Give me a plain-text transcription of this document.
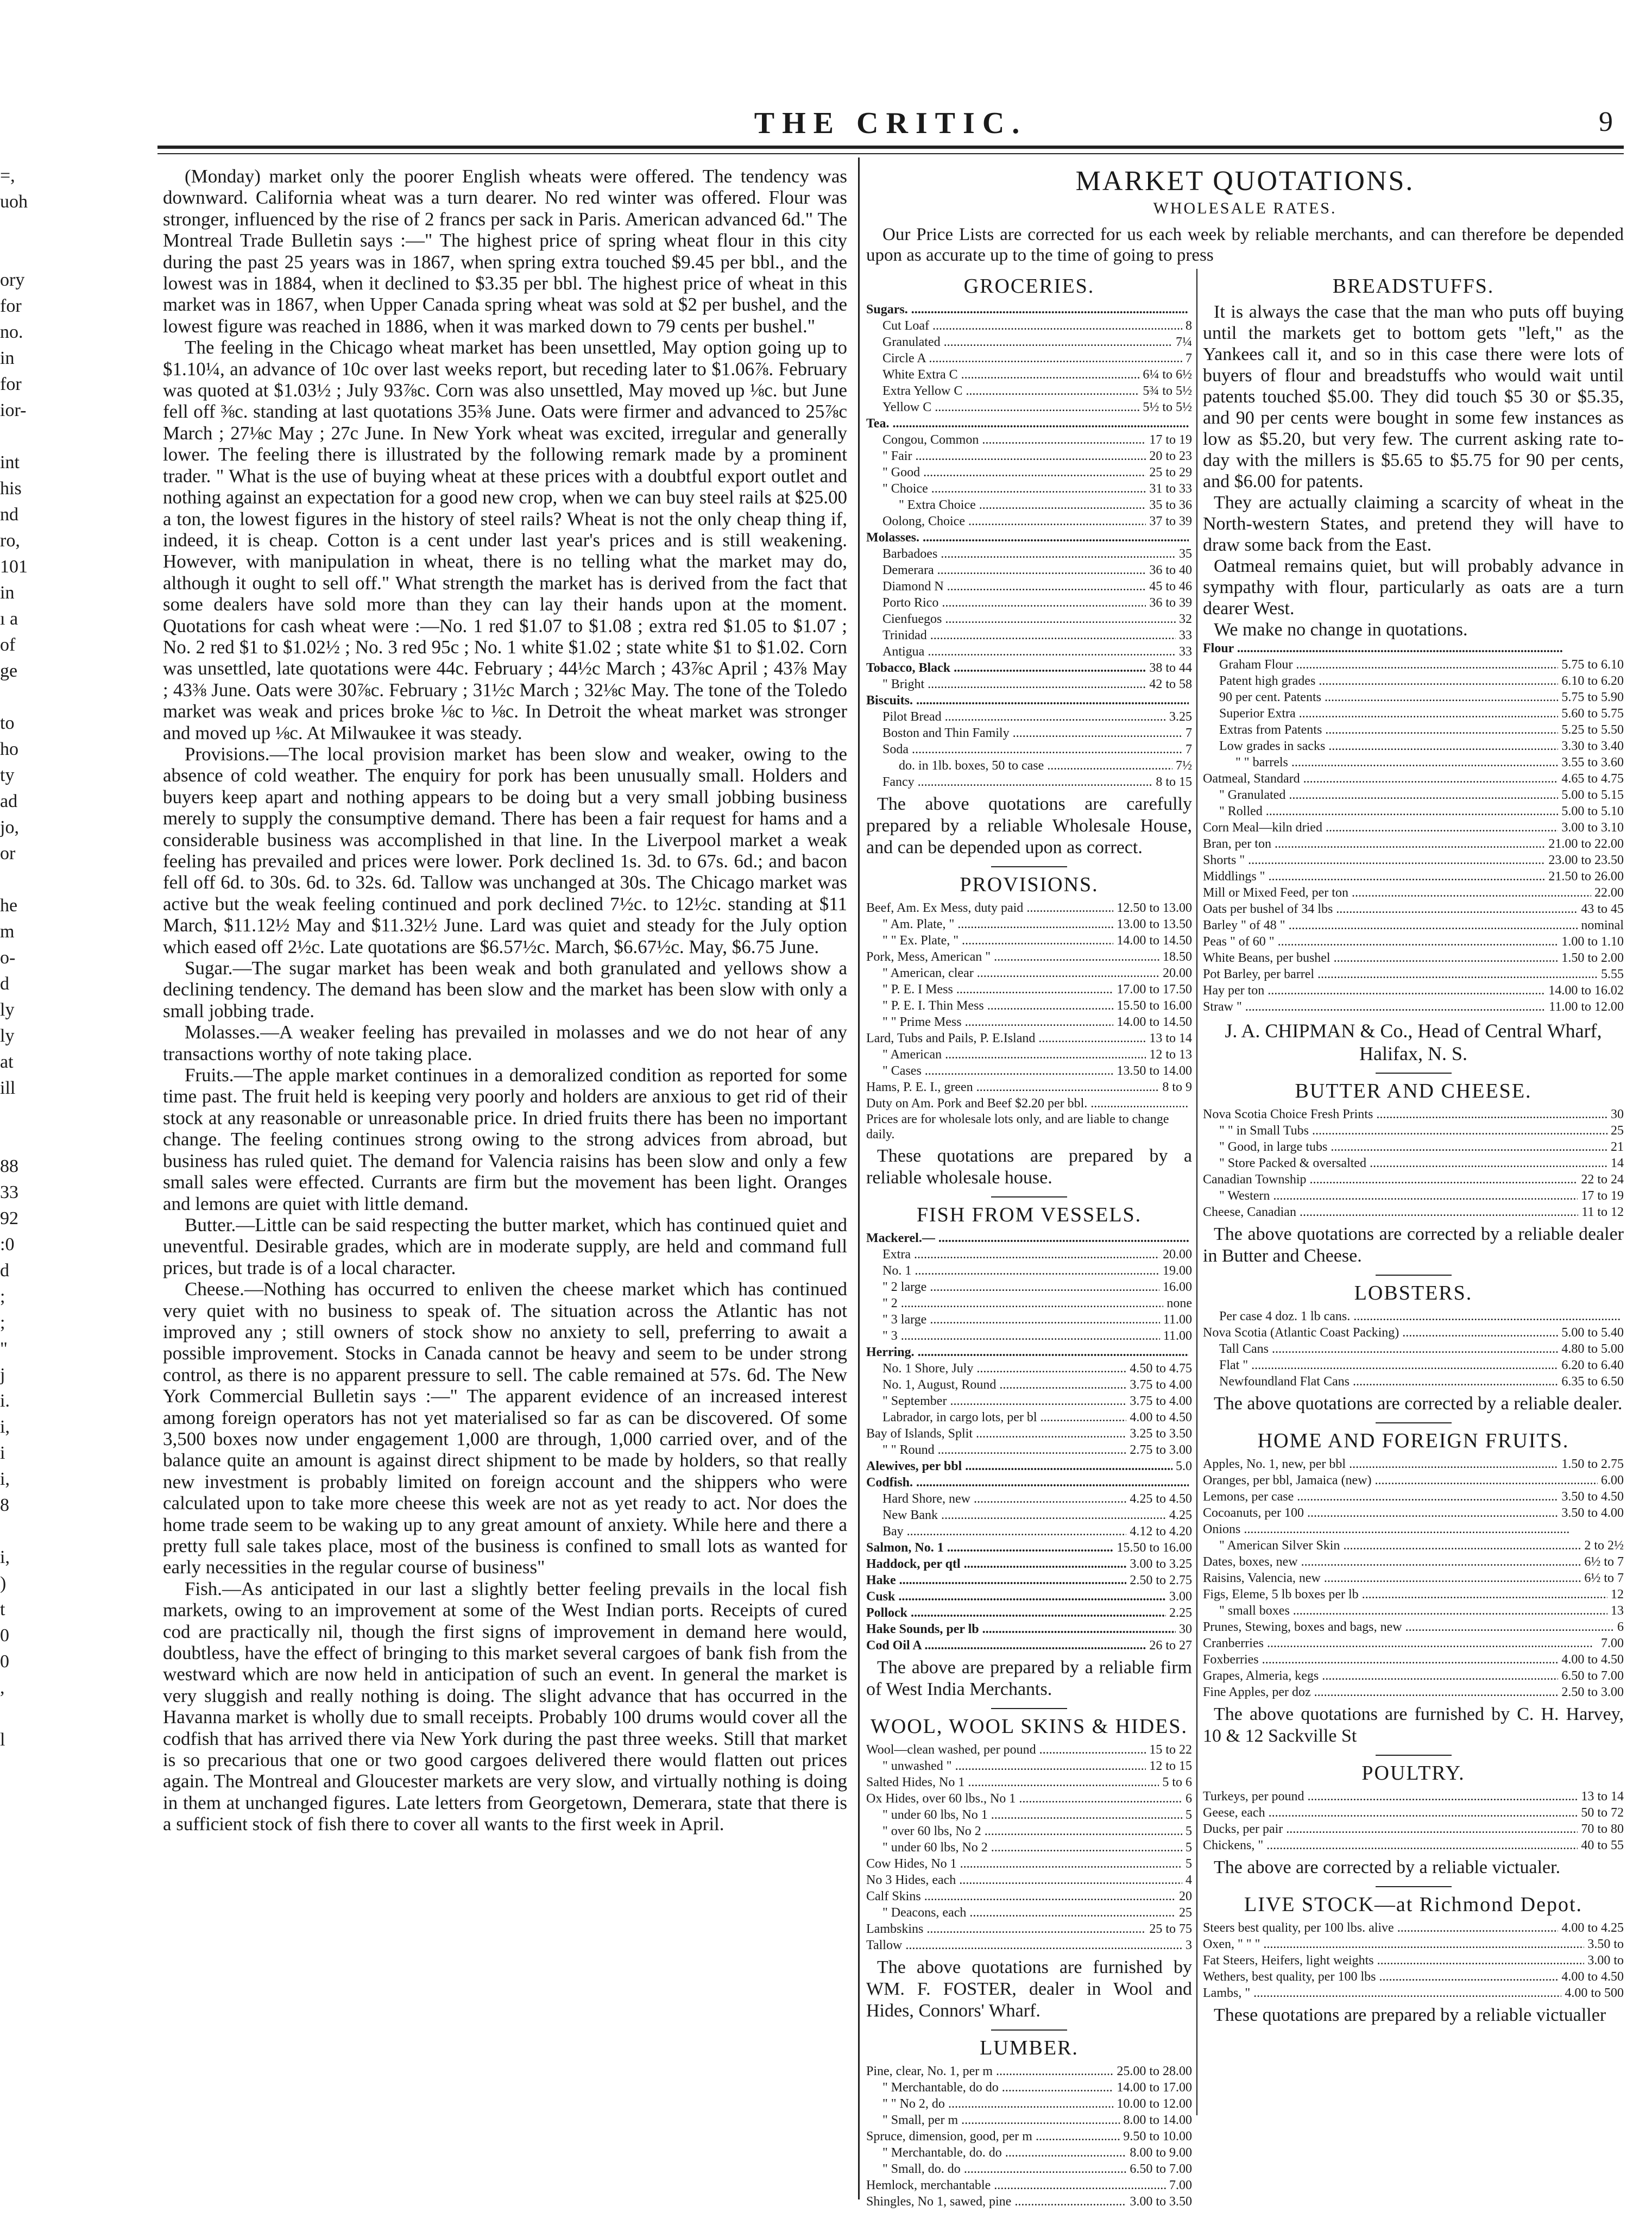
THE CRITIC.	9
=,
uoh
ory
for
no.
in
for
ior-
int
his
nd
ro,
101
in
ı a
of
ge
to
ho
ty
ad
jo,
or
he
m
o-
d
ly
ly
at
ill
88
33
92
:0
d
;
;
"
j
i.
i,
i
i,
8
i,
)
t
0
0
,
l

(Monday) market only the poorer English wheats were offered. The tendency was downward. California wheat was a turn dearer. No red winter was offered. Flour was stronger, influenced by the rise of 2 francs per sack in Paris. American advanced 6d." The Montreal Trade Bulletin says :—" The highest price of spring wheat flour in this city during the past 25 years was in 1867, when spring extra touched $9.45 per bbl., and the lowest was in 1884, when it declined to $3.35 per bbl. The highest price of wheat in this market was in 1867, when Upper Canada spring wheat was sold at $2 per bushel, and the lowest figure was reached in 1886, when it was marked down to 79 cents per bushel."

The feeling in the Chicago wheat market has been unsettled, May option going up to $1.10¼, an advance of 10c over last weeks report, but receding later to $1.06⅞. February was quoted at $1.03½ ; July 93⅞c. Corn was also unsettled, May moved up ⅛c. but June fell off ⅜c. standing at last quotations 35⅜ June. Oats were firmer and advanced to 25⅞c March ; 27⅛c May ; 27c June. In New York wheat was excited, irregular and generally lower. The feeling there is illustrated by the following remark made by a prominent trader. " What is the use of buying wheat at these prices with a doubtful export outlet and nothing against an expectation for a good new crop, when we can buy steel rails at $25.00 a ton, the lowest figures in the history of steel rails? Wheat is not the only cheap thing if, indeed, it is cheap. Cotton is a cent under last year's prices and is still weakening. However, with manipulation in wheat, there is no telling what the market may do, although it ought to sell off." What strength the market has is derived from the fact that some dealers have sold more than they can lay their hands upon at the moment. Quotations for cash wheat were :—No. 1 red $1.07 to $1.08 ; extra red $1.05 to $1.07 ; No. 2 red $1 to $1.02½ ; No. 3 red 95c ; No. 1 white $1.02 ; state white $1 to $1.02. Corn was unsettled, late quotations were 44c. February ; 44½c March ; 43⅞c April ; 43⅞ May ; 43⅜ June. Oats were 30⅞c. February ; 31½c March ; 32⅛c May. The tone of the Toledo market was weak and prices broke ⅛c to ⅛c. In Detroit the wheat market was stronger and moved up ⅛c. At Milwaukee it was steady.

Provisions.—The local provision market has been slow and weaker, owing to the absence of cold weather. The enquiry for pork has been unusually small. Holders and buyers keep apart and nothing appears to be doing but a very small jobbing business merely to supply the consumptive demand. There has been a fair request for hams and a considerable business was accomplished in that line. In the Liverpool market a weak feeling has prevailed and prices were lower. Pork declined 1s. 3d. to 67s. 6d.; and bacon fell off 6d. to 30s. 6d. to 32s. 6d. Tallow was unchanged at 30s. The Chicago market was active but the weak feeling continued and pork declined 7½c. to 12½c. standing at $11 March, $11.12½ May and $11.32½ June. Lard was quiet and steady for the July option which eased off 2½c. Late quotations are $6.57½c. March, $6.67½c. May, $6.75 June.

Sugar.—The sugar market has been weak and both granulated and yellows show a declining tendency. The demand has been slow and the market has been slow with only a small jobbing trade.

Molasses.—A weaker feeling has prevailed in molasses and we do not hear of any transactions worthy of note taking place.

Fruits.—The apple market continues in a demoralized condition as reported for some time past. The fruit held is keeping very poorly and holders are anxious to get rid of their stock at any reasonable or unreasonable price. In dried fruits there has been no important change. The feeling continues strong owing to the strong advices from abroad, but business has ruled quiet. The demand for Valencia raisins has been slow and only a few small sales were effected. Currants are firm but the movement has been light. Oranges and lemons are quiet with little demand.

Butter.—Little can be said respecting the butter market, which has continued quiet and uneventful. Desirable grades, which are in moderate supply, are held and command full prices, but trade is of a local character.

Cheese.—Nothing has occurred to enliven the cheese market which has continued very quiet with no business to speak of. The situation across the Atlantic has not improved any ; still owners of stock show no anxiety to sell, preferring to await a possible improvement. Stocks in Canada cannot be heavy and seem to be under strong control, as there is no apparent pressure to sell. The cable remained at 57s. 6d. The New York Commercial Bulletin says :—" The apparent evidence of an increased interest among foreign operators has not yet materialised so far as can be discovered. Of some 3,500 boxes now under engagement 1,000 are through, 1,000 carried over, and of the balance quite an amount is against direct shipment to be made by holders, so that really new investment is probably limited on foreign account and the shippers who were calculated upon to take more cheese this week are not as yet ready to act. Nor does the home trade seem to be waking up to any great amount of anxiety. While here and there a pretty full sale takes place, most of the business is confined to small lots as wanted for early necessities in the regular course of business"

Fish.—As anticipated in our last a slightly better feeling prevails in the local fish markets, owing to an improvement at some of the West Indian ports. Receipts of cured cod are practically nil, though the first signs of improvement in demand here would, doubtless, have the effect of bringing to this market several cargoes of bank fish from the westward which are now held in anticipation of such an event. In general the market is very sluggish and really nothing is doing. The slight advance that has occurred in the Havanna market is wholly due to small receipts. Probably 100 drums would cover all the codfish that has arrived there via New York during the past three weeks. Still that market is so precarious that one or two good cargoes delivered there would flatten out prices again. The Montreal and Gloucester markets are very slow, and virtually nothing is doing in them at unchanged figures. Late letters from Georgetown, Demerara, state that there is a sufficient stock of fish there to cover all wants to the first week in April.

MARKET QUOTATIONS.
WHOLESALE RATES.
Our Price Lists are corrected for us each week by reliable merchants, and can therefore be depended upon as accurate up to the time of going to press
GROCERIES.
Sugars. .....
Cut Loaf .....	8
Granulated .....	7¼
Circle A .....	7
White Extra C .....	6¼ to 6½
Extra Yellow C .....	5¾ to 5½
Yellow C .....	5½ to 5½
Tea. .....
Congou, Common .....	17 to 19
" Fair .....	20 to 23
" Good .....	25 to 29
" Choice .....	31 to 33
" Extra Choice .....	35 to 36
Oolong, Choice .....	37 to 39
Molasses. .....
Barbadoes .....	35
Demerara .....	36 to 40
Diamond N .....	45 to 46
Porto Rico .....	36 to 39
Cienfuegos .....	32
Trinidad .....	33
Antigua .....	33
Tobacco, Black .....	38 to 44
" Bright .....	42 to 58
Biscuits. .....
Pilot Bread .....	3.25
Boston and Thin Family .....	7
Soda .....	7
do. in 1lb. boxes, 50 to case .....	7½
Fancy .....	8 to 15
The above quotations are carefully prepared by a reliable Wholesale House, and can be depended upon as correct.
PROVISIONS.
Beef, Am. Ex Mess, duty paid .....	12.50 to 13.00
" Am. Plate, " .....	13.00 to 13.50
" " Ex. Plate, " .....	14.00 to 14.50
Pork, Mess, American " .....	18.50
" American, clear .....	20.00
" P. E. I Mess .....	17.00 to 17.50
" P. E. I. Thin Mess .....	15.50 to 16.00
" " Prime Mess .....	14.00 to 14.50
Lard, Tubs and Pails, P. E.Island .....	13 to 14
" American .....	12 to 13
" Cases .....	13.50 to 14.00
Hams, P. E. I., green .....	8 to 9
Duty on Am. Pork and Beef $2.20 per bbl. .....
Prices are for wholesale lots only, and are liable to change daily.
These quotations are prepared by a reliable wholesale house.
FISH FROM VESSELS.
Mackerel.— .....
Extra .....	20.00
No. 1 .....	19.00
" 2 large .....	16.00
" 2 .....	none
" 3 large .....	11.00
" 3 .....	11.00
Herring. .....
No. 1 Shore, July .....	4.50 to 4.75
No. 1, August, Round .....	3.75 to 4.00
" September .....	3.75 to 4.00
Labrador, in cargo lots, per bl .....	4.00 to 4.50
Bay of Islands, Split .....	3.25 to 3.50
" " Round .....	2.75 to 3.00
Alewives, per bbl .....	5.0
Codfish. .....
Hard Shore, new .....	4.25 to 4.50
New Bank .....	4.25
Bay .....	4.12 to 4.20
Salmon, No. 1 .....	15.50 to 16.00
Haddock, per qtl .....	3.00 to 3.25
Hake .....	2.50 to 2.75
Cusk .....	3.00
Pollock .....	2.25
Hake Sounds, per lb .....	30
Cod Oil A .....	26 to 27
The above are prepared by a reliable firm of West India Merchants.
WOOL, WOOL SKINS & HIDES.
Wool—clean washed, per pound .....	15 to 22
" unwashed " .....	12 to 15
Salted Hides, No 1 .....	5 to 6
Ox Hides, over 60 lbs., No 1 .....	6
" under 60 lbs, No 1 .....	5
" over 60 lbs, No 2 .....	5
" under 60 lbs, No 2 .....	5
Cow Hides, No 1 .....	5
No 3 Hides, each .....	4
Calf Skins .....	20
" Deacons, each .....	25
Lambskins .....	25 to 75
Tallow .....	3
The above quotations are furnished by WM. F. FOSTER, dealer in Wool and Hides, Connors' Wharf.
LUMBER.
Pine, clear, No. 1, per m .....	25.00 to 28.00
" Merchantable, do do .....	14.00 to 17.00
" " No 2, do .....	10.00 to 12.00
" Small, per m .....	8.00 to 14.00
Spruce, dimension, good, per m .....	9.50 to 10.00
" Merchantable, do. do .....	8.00 to 9.00
" Small, do. do .....	6.50 to 7.00
Hemlock, merchantable .....	7.00
Shingles, No 1, sawed, pine .....	3.00 to 3.50
.....
BREADSTUFFS.

It is always the case that the man who puts off buying until the markets get to bottom gets "left," as the Yankees call it, and so in this case there were lots of buyers of flour and breadstuffs who would wait until patents touched $5.00. They did touch $5 30 or $5.35, and 90 per cents were bought in some few instances as low as $5.20, but very few. The current asking rate to-day with the millers is $5.65 to $5.75 for 90 per cents, and $6.00 for patents.

They are actually claiming a scarcity of wheat in the North-western States, and pretend they will have to draw some back from the East.

Oatmeal remains quiet, but will probably advance in sympathy with flour, particularly as oats are a turn dearer West.

We make no change in quotations.

Flour .....
Graham Flour .....	5.75 to 6.10
Patent high grades .....	6.10 to 6.20
90 per cent. Patents .....	5.75 to 5.90
Superior Extra .....	5.60 to 5.75
Extras from Patents .....	5.25 to 5.50
Low grades in sacks .....	3.30 to 3.40
" " barrels .....	3.55 to 3.60
Oatmeal, Standard .....	4.65 to 4.75
" Granulated .....	5.00 to 5.15
" Rolled .....	5.00 to 5.10
Corn Meal—kiln dried .....	3.00 to 3.10
Bran, per ton .....	21.00 to 22.00
Shorts " .....	23.00 to 23.50
Middlings " .....	21.50 to 26.00
Mill or Mixed Feed, per ton .....	22.00
Oats per bushel of 34 lbs .....	43 to 45
Barley " of 48 " .....	nominal
Peas " of 60 " .....	1.00 to 1.10
White Beans, per bushel .....	1.50 to 2.00
Pot Barley, per barrel .....	5.55
Hay per ton .....	14.00 to 16.02
Straw " .....	11.00 to 12.00
J. A. CHIPMAN & Co., Head of Central Wharf, Halifax, N. S.
BUTTER AND CHEESE.
Nova Scotia Choice Fresh Prints .....	30
" " in Small Tubs .....	25
" Good, in large tubs .....	21
" Store Packed & oversalted .....	14
Canadian Township .....	22 to 24
" Western .....	17 to 19
Cheese, Canadian .....	11 to 12
The above quotations are corrected by a reliable dealer in Butter and Cheese.
LOBSTERS.
Per case 4 doz. 1 lb cans. .....
Nova Scotia (Atlantic Coast Packing) .....	5.00 to 5.40
Tall Cans .....	4.80 to 5.00
Flat " .....	6.20 to 6.40
Newfoundland Flat Cans .....	6.35 to 6.50
The above quotations are corrected by a reliable dealer.
HOME AND FOREIGN FRUITS.
Apples, No. 1, new, per bbl .....	1.50 to 2.75
Oranges, per bbl, Jamaica (new) .....	6.00
Lemons, per case .....	3.50 to 4.50
Cocoanuts, per 100 .....	3.50 to 4.00
Onions .....
" American Silver Skin .....	2 to 2½
Dates, boxes, new .....	6½ to 7
Raisins, Valencia, new .....	6½ to 7
Figs, Eleme, 5 lb boxes per lb .....	12
" small boxes .....	13
Prunes, Stewing, boxes and bags, new .....	6
Cranberries .....	7.00
Foxberries .....	4.00 to 4.50
Grapes, Almeria, kegs .....	6.50 to 7.00
Fine Apples, per doz .....	2.50 to 3.00
The above quotations are furnished by C. H. Harvey, 10 & 12 Sackville St
POULTRY.
Turkeys, per pound .....	13 to 14
Geese, each .....	50 to 72
Ducks, per pair .....	70 to 80
Chickens, " .....	40 to 55
The above are corrected by a reliable victualer.
LIVE STOCK—at Richmond Depot.
Steers best quality, per 100 lbs. alive .....	4.00 to 4.25
Oxen, " " " .....	3.50 to
Fat Steers, Heifers, light weights .....	3.00 to
Wethers, best quality, per 100 lbs .....	4.00 to 4.50
Lambs, " .....	4.00 to 500
These quotations are prepared by a reliable victualler
